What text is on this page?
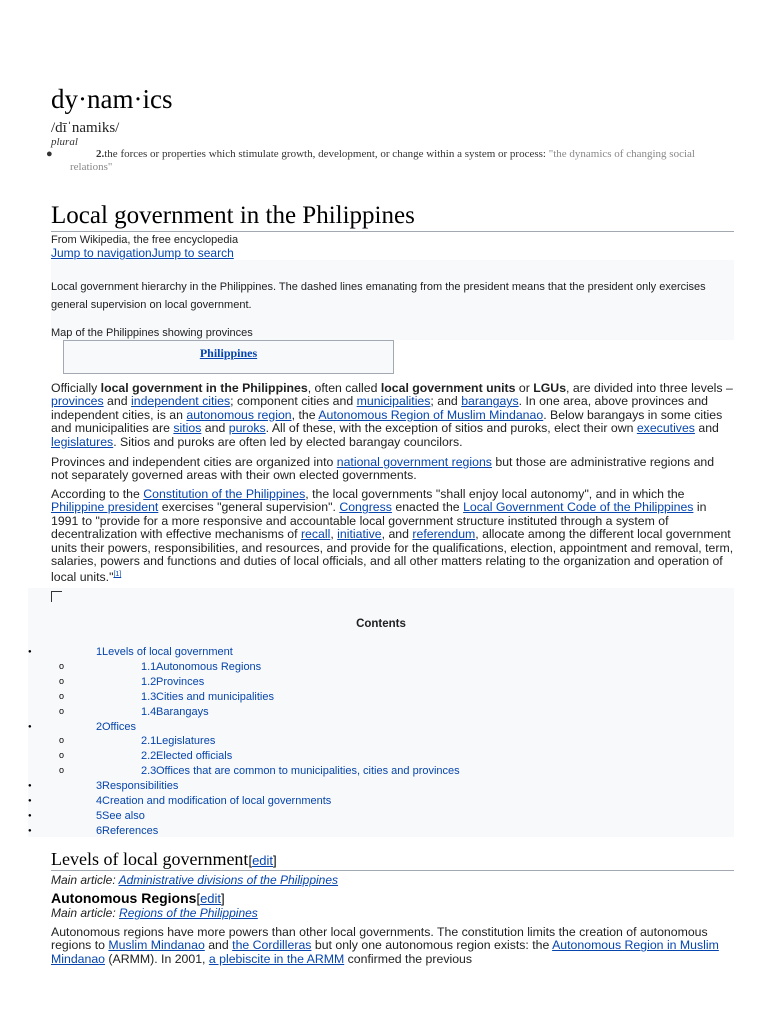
dy·nam·ics
/dīˈnamiks/
plural
●	2.the forces or properties which stimulate growth, development, or change within a system or process: "the dynamics of changing social relations"
Local government in the Philippines
From Wikipedia, the free encyclopedia
Jump to navigationJump to search
Local government hierarchy in the Philippines. The dashed lines emanating from the president means that the president only exercises general supervision on local government.
Map of the Philippines showing provinces
Philippines

Officially local government in the Philippines, often called local government units or LGUs, are divided into three levels – provinces and independent cities; component cities and municipalities; and barangays. In one area, above provinces and independent cities, is an autonomous region, the Autonomous Region of Muslim Mindanao. Below barangays in some cities and municipalities are sitios and puroks. All of these, with the exception of sitios and puroks, elect their own executives and legislatures. Sitios and puroks are often led by elected barangay councilors.

Provinces and independent cities are organized into national government regions but those are administrative regions and not separately governed areas with their own elected governments.

According to the Constitution of the Philippines, the local governments "shall enjoy local autonomy", and in which the Philippine president exercises "general supervision". Congress enacted the Local Government Code of the Philippines in 1991 to "provide for a more responsive and accountable local government structure instituted through a system of decentralization with effective mechanisms of recall, initiative, and referendum, allocate among the different local government units their powers, responsibilities, and resources, and provide for the qualifications, election, appointment and removal, term, salaries, powers and functions and duties of local officials, and all other matters relating to the organization and operation of local units."[1]

Contents
●	1 Levels of local government
o	1.1 Autonomous Regions
o	1.2 Provinces
o	1.3 Cities and municipalities
o	1.4 Barangays
●	2 Offices
o	2.1 Legislatures
o	2.2 Elected officials
o	2.3 Offices that are common to municipalities, cities and provinces
●	3 Responsibilities
●	4 Creation and modification of local governments
●	5 See also
●	6 References
Levels of local government[edit]
Main article: Administrative divisions of the Philippines
Autonomous Regions[edit]
Main article: Regions of the Philippines

Autonomous regions have more powers than other local governments. The constitution limits the creation of autonomous regions to Muslim Mindanao and the Cordilleras but only one autonomous region exists: the Autonomous Region in Muslim Mindanao (ARMM). In 2001, a plebiscite in the ARMM confirmed the previous
